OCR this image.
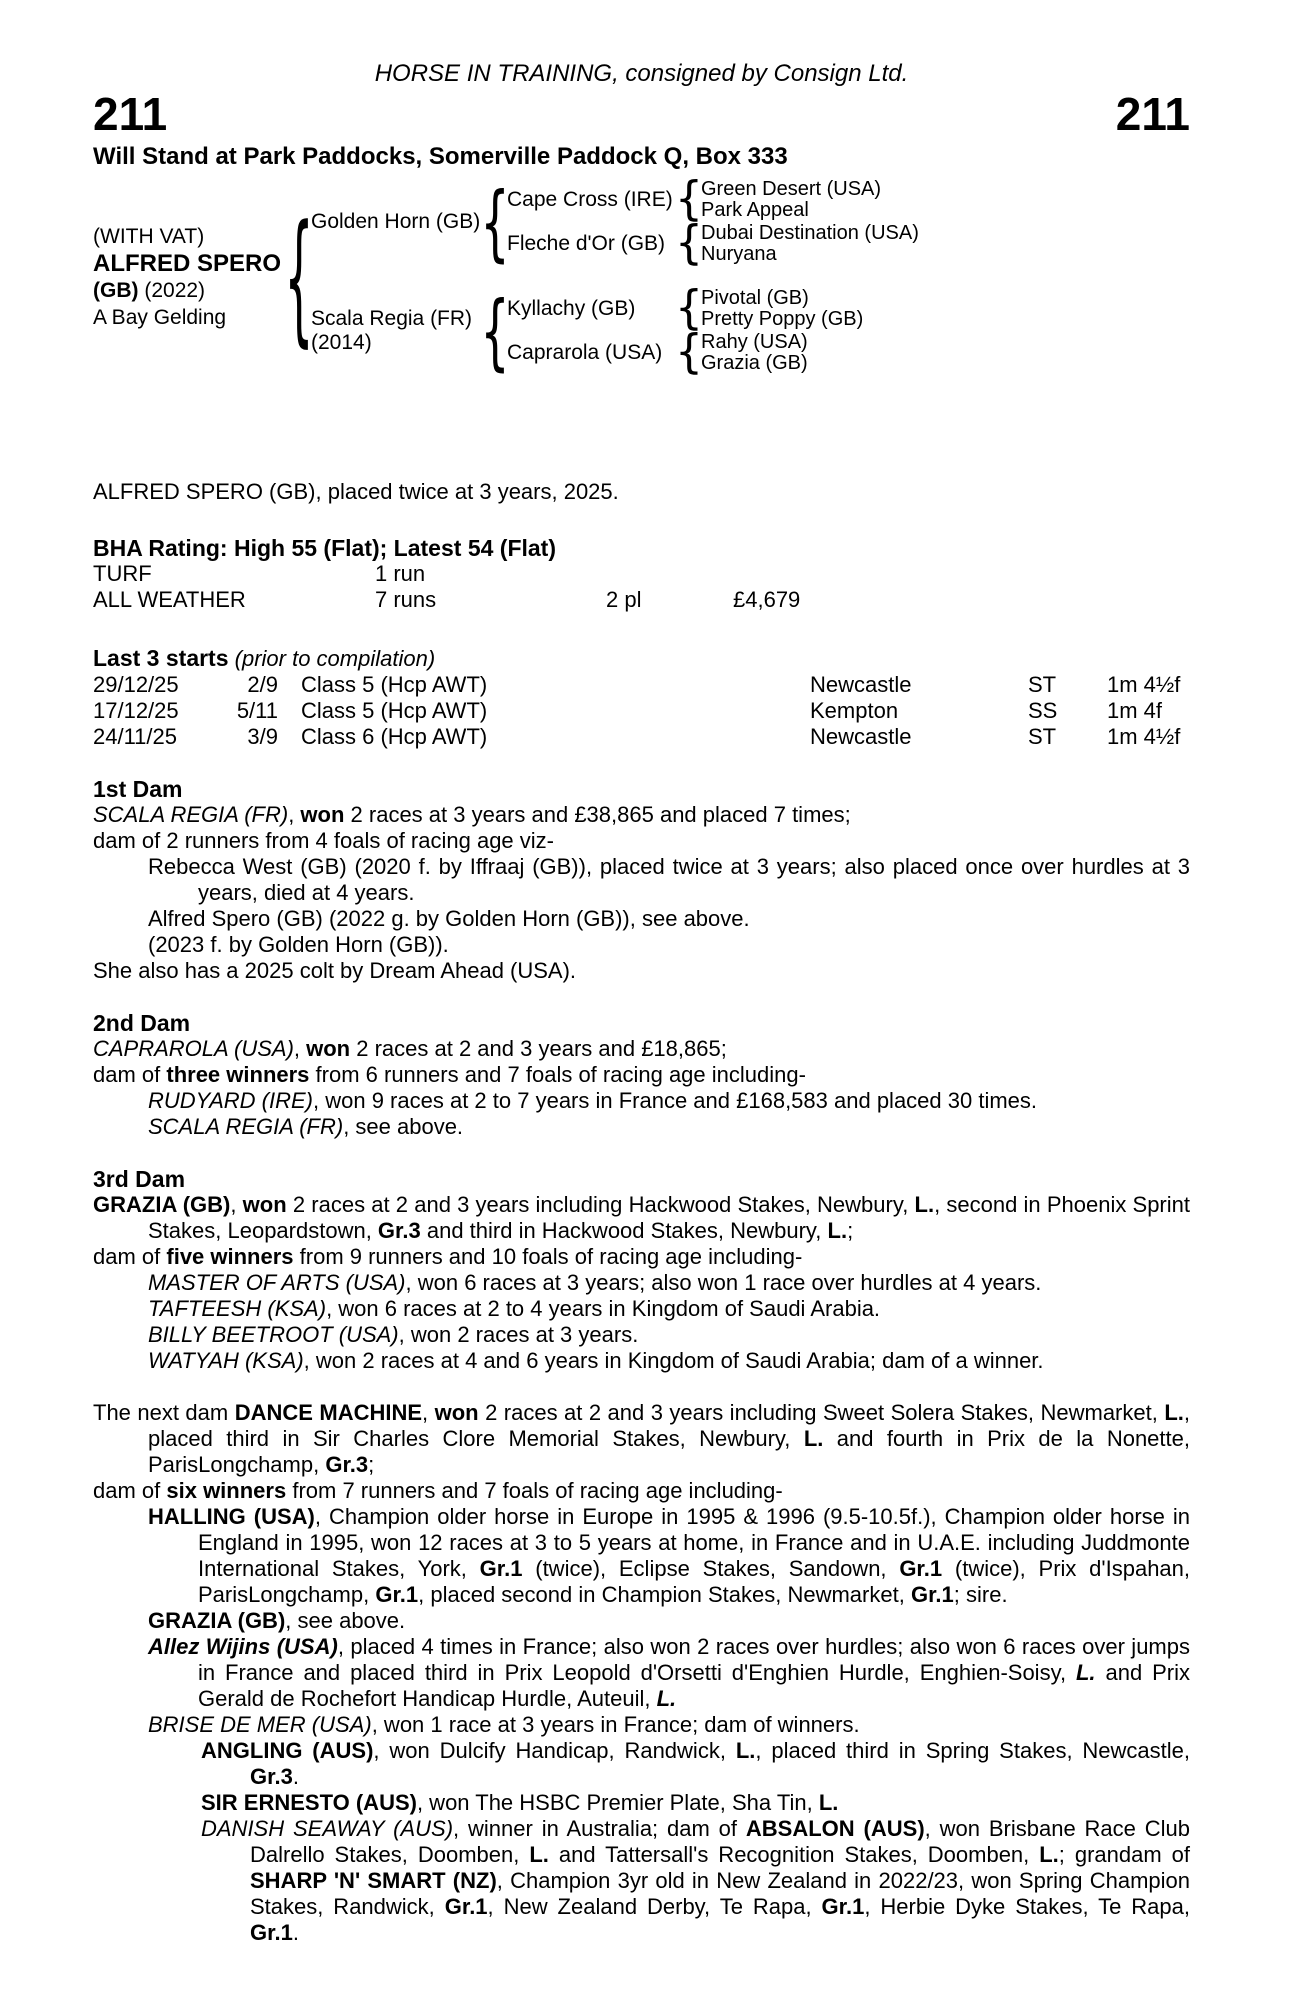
HORSE IN TRAINING, consigned by Consign Ltd.
211	211
Will Stand at Park Paddocks, Somerville Paddock Q, Box 333
(WITH VAT)
ALFRED SPERO
(GB) (2022)
A Bay Gelding	{
Golden Horn (GB) {
Cape Cross (IRE) {
Green Desert (USA)
Park Appeal
Fleche d'Or (GB) {
Dubai Destination (USA)
Nuryana
Scala Regia (FR)
(2014)	{
Kyllachy (GB) {
Pivotal (GB)
Pretty Poppy (GB)
Caprarola (USA) {
Rahy (USA)
Grazia (GB)
ALFRED SPERO (GB), placed twice at 3 years, 2025.
BHA Rating: High 55 (Flat); Latest 54 (Flat)
TURF	1 run
ALL WEATHER	7 runs	2 pl	£4,679
Last 3 starts (prior to compilation)
29/12/25	2/9	Class 5 (Hcp AWT)	Newcastle	ST	1m 4½f
17/12/25	5/11	Class 5 (Hcp AWT)	Kempton	SS	1m 4f
24/11/25	3/9	Class 6 (Hcp AWT)	Newcastle	ST	1m 4½f
1st Dam
SCALA REGIA (FR), won 2 races at 3 years and £38,865 and placed 7 times;
dam of 2 runners from 4 foals of racing age viz-
Rebecca West (GB) (2020 f. by Iffraaj (GB)), placed twice at 3 years; also placed once over hurdles at 3 years, died at 4 years.
Alfred Spero (GB) (2022 g. by Golden Horn (GB)), see above.
(2023 f. by Golden Horn (GB)).
She also has a 2025 colt by Dream Ahead (USA).
2nd Dam
CAPRAROLA (USA), won 2 races at 2 and 3 years and £18,865;
dam of three winners from 6 runners and 7 foals of racing age including-
RUDYARD (IRE), won 9 races at 2 to 7 years in France and £168,583 and placed 30 times.
SCALA REGIA (FR), see above.
3rd Dam
GRAZIA (GB), won 2 races at 2 and 3 years including Hackwood Stakes, Newbury, L., second in Phoenix Sprint Stakes, Leopardstown, Gr.3 and third in Hackwood Stakes, Newbury, L.;
dam of five winners from 9 runners and 10 foals of racing age including-
MASTER OF ARTS (USA), won 6 races at 3 years; also won 1 race over hurdles at 4 years.
TAFTEESH (KSA), won 6 races at 2 to 4 years in Kingdom of Saudi Arabia.
BILLY BEETROOT (USA), won 2 races at 3 years.
WATYAH (KSA), won 2 races at 4 and 6 years in Kingdom of Saudi Arabia; dam of a winner.
The next dam DANCE MACHINE, won 2 races at 2 and 3 years including Sweet Solera Stakes, Newmarket, L., placed third in Sir Charles Clore Memorial Stakes, Newbury, L. and fourth in Prix de la Nonette, ParisLongchamp, Gr.3;
dam of six winners from 7 runners and 7 foals of racing age including-
HALLING (USA), Champion older horse in Europe in 1995 & 1996 (9.5-10.5f.), Champion older horse in England in 1995, won 12 races at 3 to 5 years at home, in France and in U.A.E. including Juddmonte International Stakes, York, Gr.1 (twice), Eclipse Stakes, Sandown, Gr.1 (twice), Prix d'Ispahan, ParisLongchamp, Gr.1, placed second in Champion Stakes, Newmarket, Gr.1; sire.
GRAZIA (GB), see above.
Allez Wijins (USA), placed 4 times in France; also won 2 races over hurdles; also won 6 races over jumps in France and placed third in Prix Leopold d'Orsetti d'Enghien Hurdle, Enghien-Soisy, L. and Prix Gerald de Rochefort Handicap Hurdle, Auteuil, L.
BRISE DE MER (USA), won 1 race at 3 years in France; dam of winners.
ANGLING (AUS), won Dulcify Handicap, Randwick, L., placed third in Spring Stakes, Newcastle, Gr.3.
SIR ERNESTO (AUS), won The HSBC Premier Plate, Sha Tin, L.
DANISH SEAWAY (AUS), winner in Australia; dam of ABSALON (AUS), won Brisbane Race Club Dalrello Stakes, Doomben, L. and Tattersall's Recognition Stakes, Doomben, L.; grandam of SHARP 'N' SMART (NZ), Champion 3yr old in New Zealand in 2022/23, won Spring Champion Stakes, Randwick, Gr.1, New Zealand Derby, Te Rapa, Gr.1, Herbie Dyke Stakes, Te Rapa, Gr.1.
